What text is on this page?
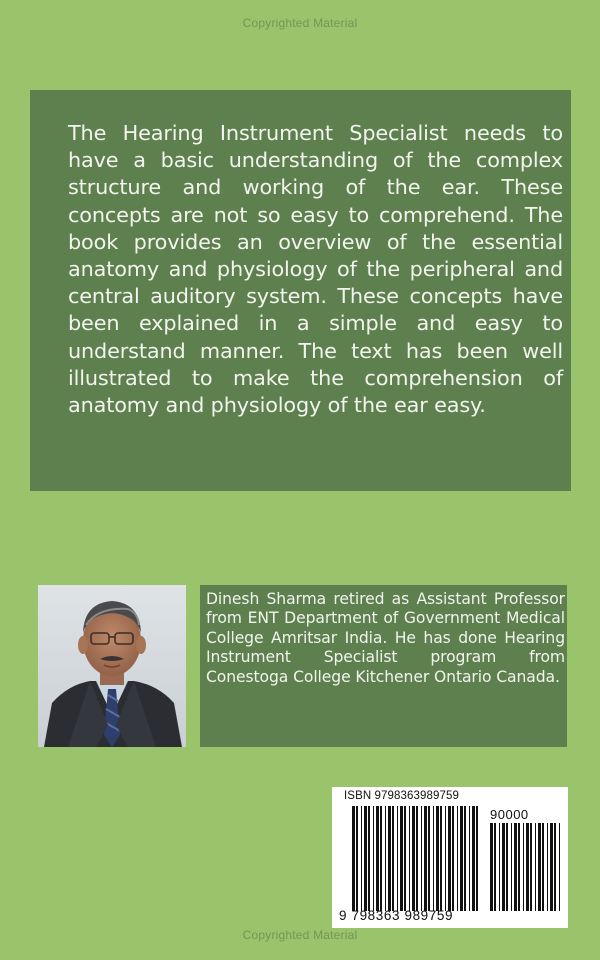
Copyrighted Material

The Hearing Instrument Specialist needs to have a basic understanding of the complex structure and working of the ear. These concepts are not so easy to comprehend. The book provides an overview of the essential anatomy and physiology of the peripheral and central auditory system. These concepts have been explained in a simple and easy to understand manner. The text has been well illustrated to make the comprehension of anatomy and physiology of the ear easy.

Dinesh Sharma retired as Assistant Professor from ENT Department of Government Medical College Amritsar India. He has done Hearing Instrument Specialist program from Conestoga College Kitchener Ontario Canada.

ISBN 9798363989759
90000
9 798363 989759
Copyrighted Material
